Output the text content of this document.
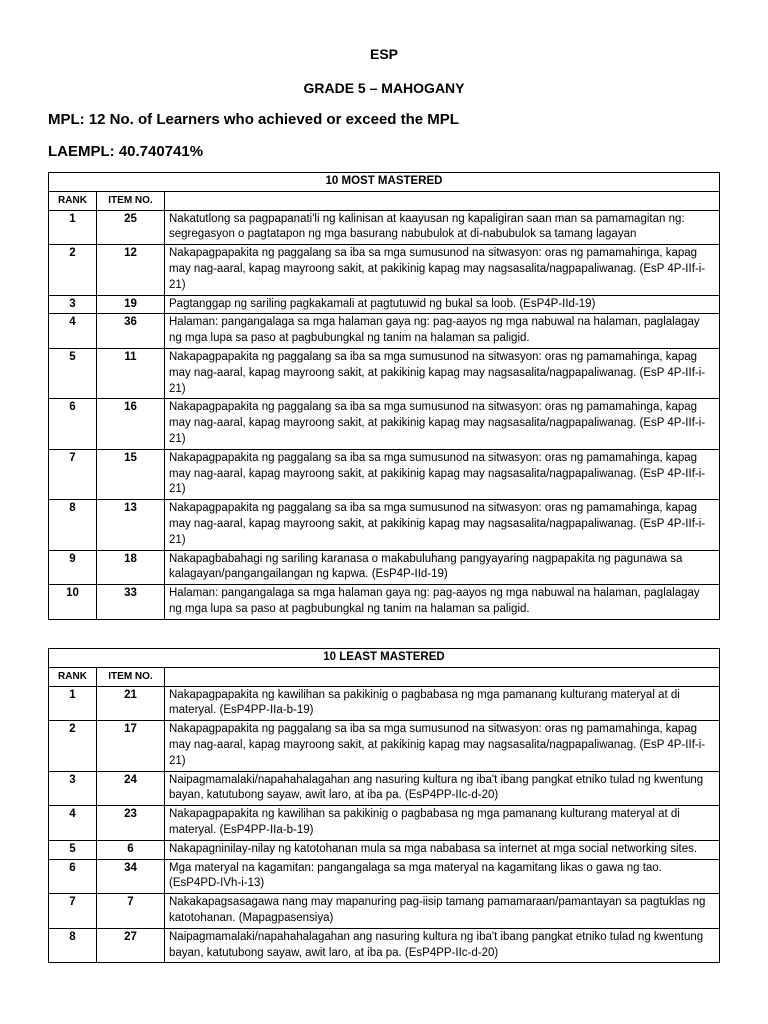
ESP
GRADE 5 – MAHOGANY
MPL: 12 No. of Learners who achieved or exceed the MPL
LAEMPL: 40.740741%
10 MOST MASTERED		
RANK	ITEM NO.	
1	25	Nakatutlong sa pagpapanati'li ng kalinisan at kaayusan ng kapaligiran saan man sa pamamagitan ng: segregasyon o pagtatapon ng mga basurang nabubulok at di-nabubulok sa tamang lagayan
2	12	Nakapagpapakita ng paggalang sa iba sa mga sumusunod na sitwasyon: oras ng pamamahinga, kapag may nag-aaral, kapag mayroong sakit, at pakikinig kapag may nagsasalita/nagpapaliwanag. (EsP 4P-IIf-i-21)
3	19	Pagtanggap ng sariling pagkakamali at pagtutuwid ng bukal sa loob. (EsP4P-IId-19)
4	36	Halaman: pangangalaga sa mga halaman gaya ng: pag-aayos ng mga nabuwal na halaman, paglalagay ng mga lupa sa paso at pagbubungkal ng tanim na halaman sa paligid.
5	11	Nakapagpapakita ng paggalang sa iba sa mga sumusunod na sitwasyon: oras ng pamamahinga, kapag may nag-aaral, kapag mayroong sakit, at pakikinig kapag may nagsasalita/nagpapaliwanag. (EsP 4P-IIf-i-21)
6	16	Nakapagpapakita ng paggalang sa iba sa mga sumusunod na sitwasyon: oras ng pamamahinga, kapag may nag-aaral, kapag mayroong sakit, at pakikinig kapag may nagsasalita/nagpapaliwanag. (EsP 4P-IIf-i-21)
7	15	Nakapagpapakita ng paggalang sa iba sa mga sumusunod na sitwasyon: oras ng pamamahinga, kapag may nag-aaral, kapag mayroong sakit, at pakikinig kapag may nagsasalita/nagpapaliwanag. (EsP 4P-IIf-i-21)
8	13	Nakapagpapakita ng paggalang sa iba sa mga sumusunod na sitwasyon: oras ng pamamahinga, kapag may nag-aaral, kapag mayroong sakit, at pakikinig kapag may nagsasalita/nagpapaliwanag. (EsP 4P-IIf-i-21)
9	18	Nakapagbabahagi ng sariling karanasa o makabuluhang pangyayaring nagpapakita ng pagunawa sa kalagayan/pangangailangan ng kapwa. (EsP4P-IId-19)
10	33	Halaman: pangangalaga sa mga halaman gaya ng: pag-aayos ng mga nabuwal na halaman, paglalagay ng mga lupa sa paso at pagbubungkal ng tanim na halaman sa paligid.
10 LEAST MASTERED		
RANK	ITEM NO.	
1	21	Nakapagpapakita ng kawilihan sa pakikinig o pagbabasa ng mga pamanang kulturang materyal at di materyal. (EsP4PP-IIa-b-19)
2	17	Nakapagpapakita ng paggalang sa iba sa mga sumusunod na sitwasyon: oras ng pamamahinga, kapag may nag-aaral, kapag mayroong sakit, at pakikinig kapag may nagsasalita/nagpapaliwanag. (EsP 4P-IIf-i-21)
3	24	Naipagmamalaki/napahahalagahan ang nasuring kultura ng iba't ibang pangkat etniko tulad ng kwentung bayan, katutubong sayaw, awit laro, at iba pa. (EsP4PP-IIc-d-20)
4	23	Nakapagpapakita ng kawilihan sa pakikinig o pagbabasa ng mga pamanang kulturang materyal at di materyal. (EsP4PP-IIa-b-19)
5	6	Nakapagninilay-nilay ng katotohanan mula sa mga nababasa sa internet at mga social networking sites.
6	34	Mga materyal na kagamitan: pangangalaga sa mga materyal na kagamitang likas o gawa ng tao. (EsP4PD-IVh-i-13)
7	7	Nakakapagsasagawa nang may mapanuring pag-iisip tamang pamamaraan/pamantayan sa pagtuklas ng katotohanan. (Mapagpasensiya)
8	27	Naipagmamalaki/napahahalagahan ang nasuring kultura ng iba't ibang pangkat etniko tulad ng kwentung bayan, katutubong sayaw, awit laro, at iba pa. (EsP4PP-IIc-d-20)
